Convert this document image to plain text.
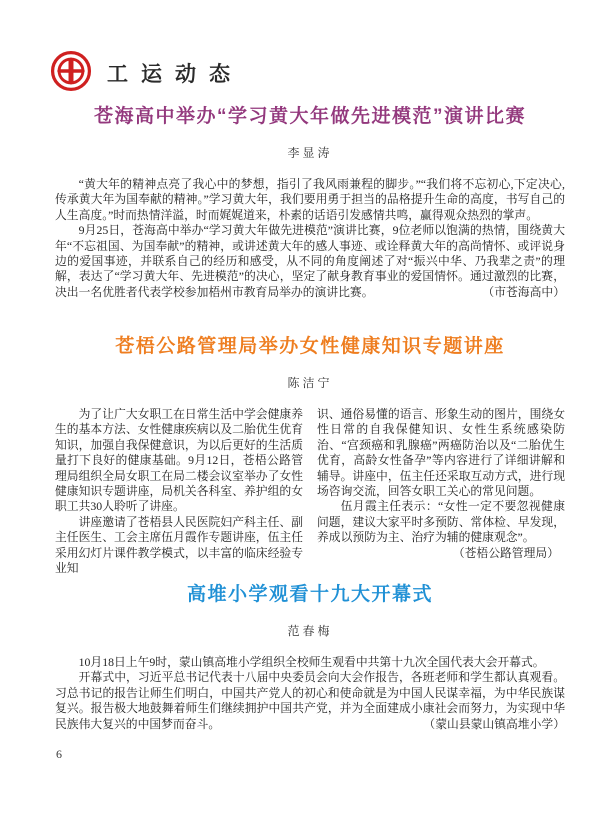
工运动态
苍海高中举办“学习黄大年做先进模范”演讲比赛
李显涛

“黄大年的精神点亮了我心中的梦想，指引了我风雨兼程的脚步。”“我们将不忘初心,下定决心,传承黄大年为国奉献的精神。”学习黄大年，我们要用勇于担当的品格提升生命的高度，书写自己的人生高度。”时而热情洋溢，时而娓娓道来，朴素的话语引发感情共鸣，赢得观众热烈的掌声。

9月25日，苍海高中举办“学习黄大年做先进模范”演讲比赛，9位老师以饱满的热情，围绕黄大年“不忘祖国、为国奉献”的精神，或讲述黄大年的感人事迹、或诠释黄大年的高尚情怀、或评说身边的爱国事迹，并联系自己的经历和感受，从不同的角度阐述了对“振兴中华、乃我辈之责”的理解，表达了“学习黄大年、先进模范”的决心，坚定了献身教育事业的爱国情怀。通过激烈的比赛，决出一名优胜者代表学校参加梧州市教育局举办的演讲比赛。	（市苍海高中）
苍梧公路管理局举办女性健康知识专题讲座
陈洁宁

为了让广大女职工在日常生活中学会健康养生的基本方法、女性健康疾病以及二胎优生优育知识，加强自我保健意识，为以后更好的生活质量打下良好的健康基础。9月12日，苍梧公路管理局组织全局女职工在局二楼会议室举办了女性健康知识专题讲座，局机关各科室、养护组的女职工共30人聆听了讲座。

讲座邀请了苍梧县人民医院妇产科主任、副主任医生、工会主席伍月霞作专题讲座，伍主任采用幻灯片课件教学模式，以丰富的临床经验专业知

识、通俗易懂的语言、形象生动的图片，围绕女性日常的自我保健知识、女性生系统感染防治、“宫颈癌和乳腺癌”两癌防治以及“二胎优生优育，高龄女性备孕”等内容进行了详细讲解和辅导。讲座中，伍主任还采取互动方式，进行现场咨询交流，回答女职工关心的常见问题。

伍月霞主任表示：“女性一定不要忽视健康问题，建议大家平时多预防、常体检、早发现，养成以预防为主、治疗为辅的健康观念”。

（苍梧公路管理局）
高堆小学观看十九大开幕式
范春梅

10月18日上午9时，蒙山镇高堆小学组织全校师生观看中共第十九次全国代表大会开幕式。

开幕式中，习近平总书记代表十八届中央委员会向大会作报告，各班老师和学生都认真观看。习总书记的报告让师生们明白，中国共产党人的初心和使命就是为中国人民谋幸福，为中华民族谋复兴。报告极大地鼓舞着师生们继续拥护中国共产党，并为全面建成小康社会而努力，为实现中华民族伟大复兴的中国梦而奋斗。	（蒙山县蒙山镇高堆小学）
6
